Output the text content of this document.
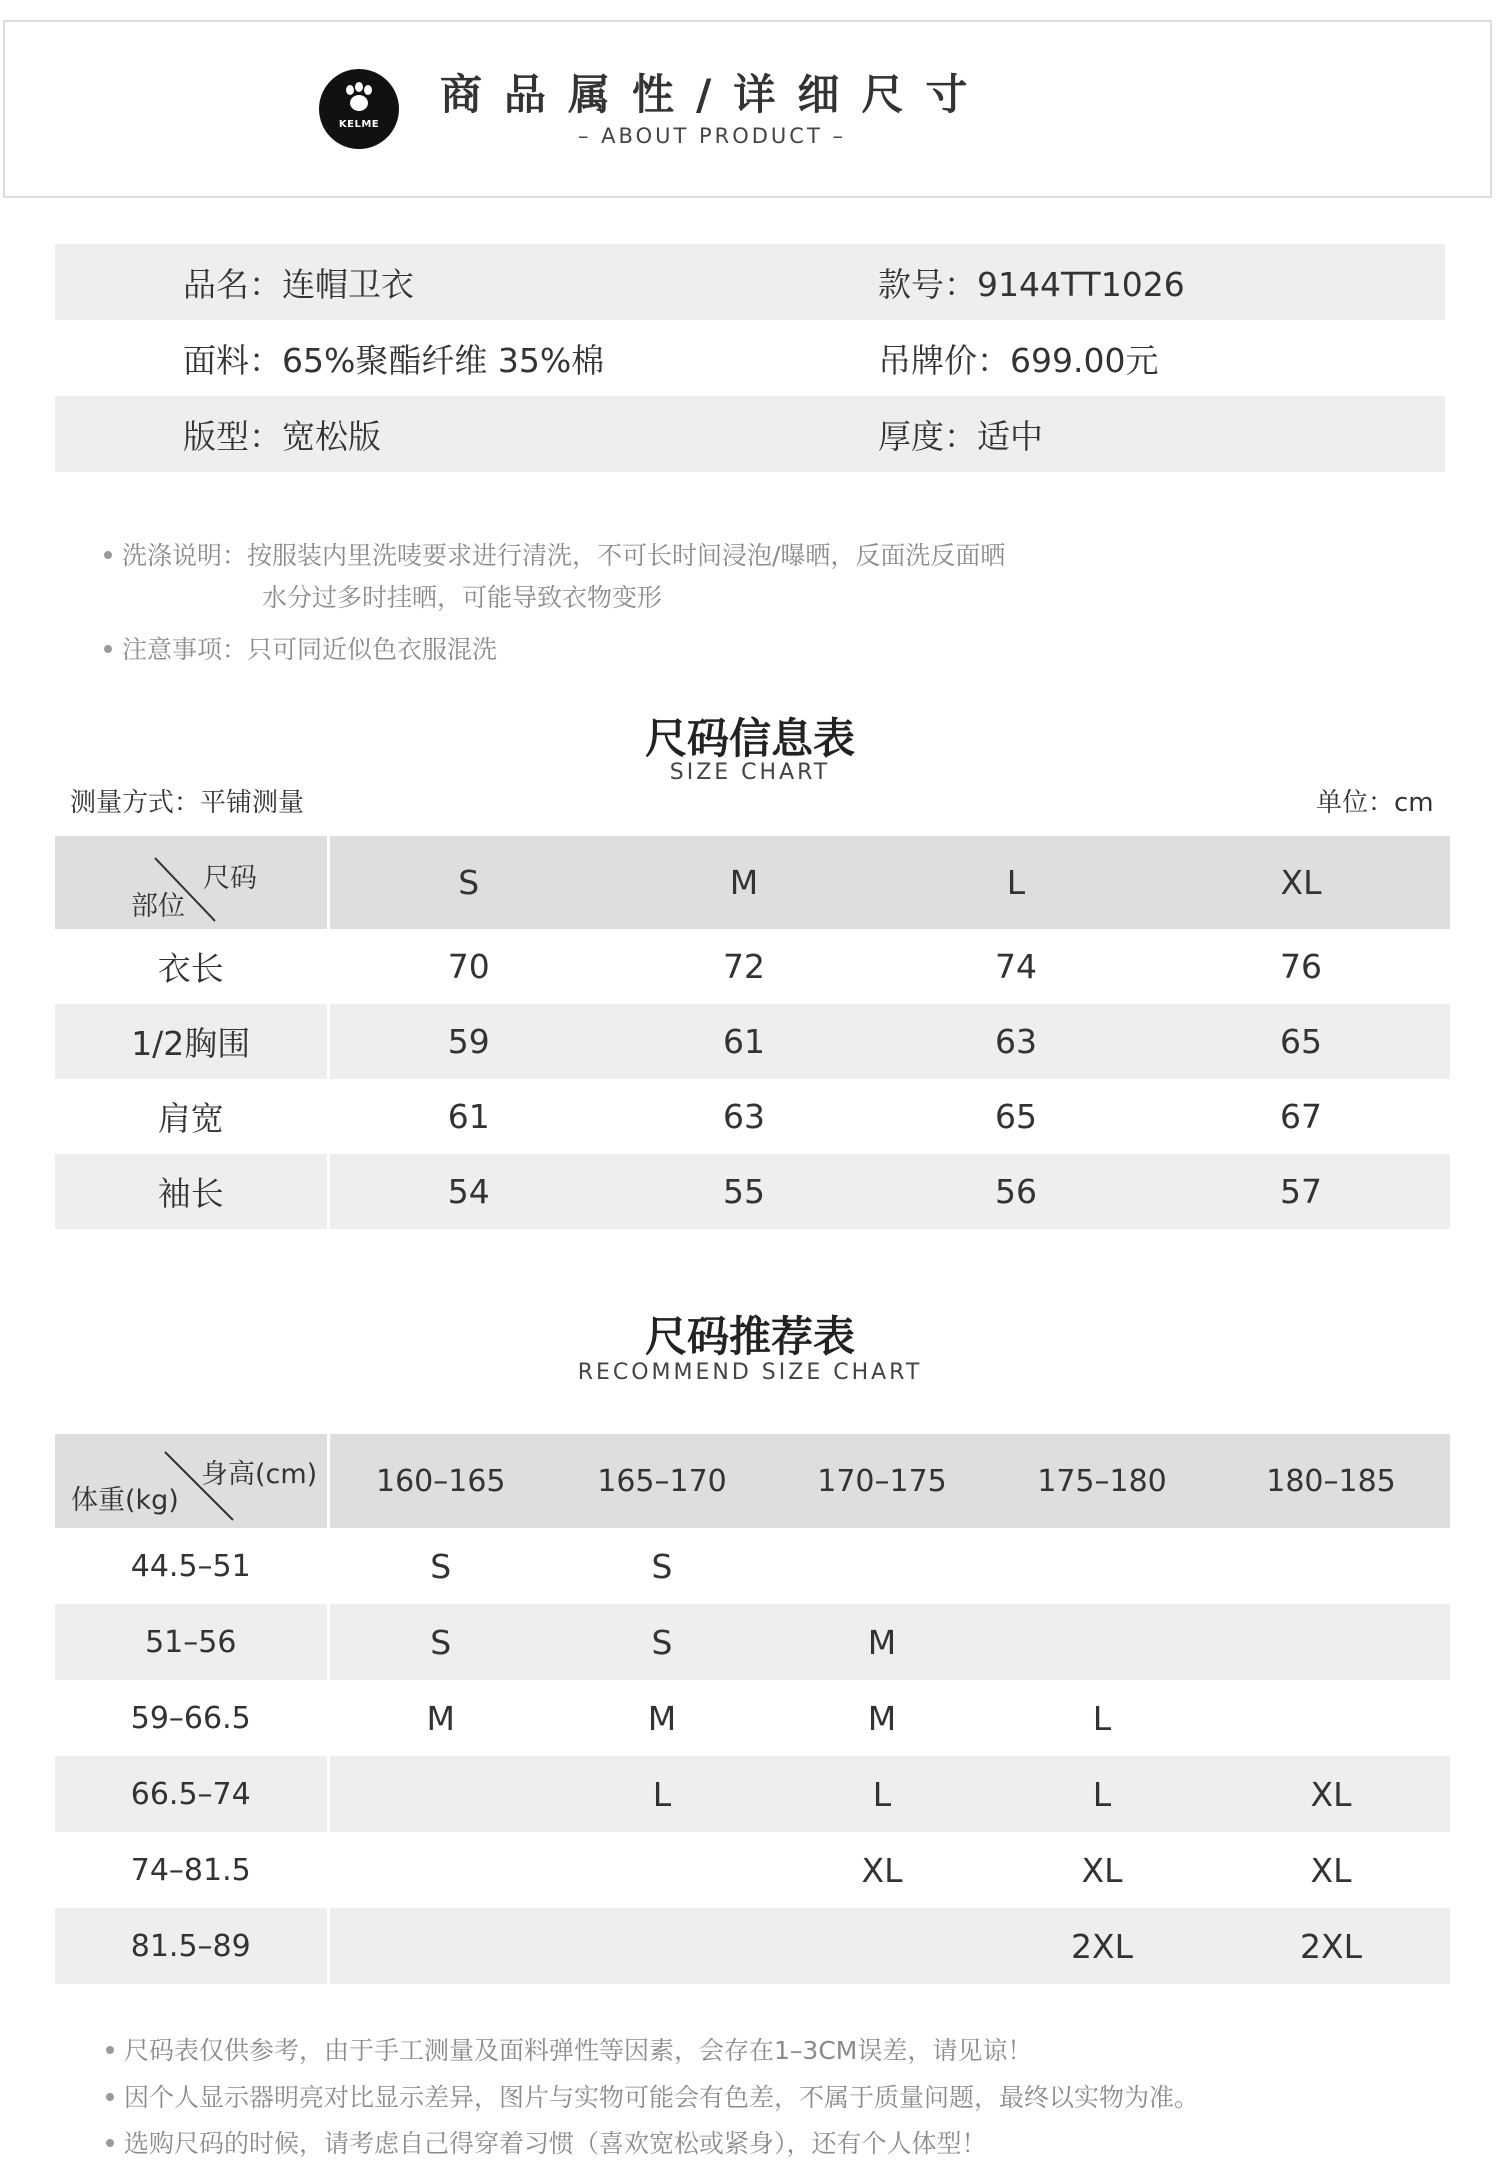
KELME
商品属性/详细尺寸
– ABOUT PRODUCT –
品名：连帽卫衣	款号：9144TT1026
面料：65%聚酯纤维 35%棉	吊牌价：699.00元
版型：宽松版	厚度：适中
洗涤说明：按服装内里洗唛要求进行清洗，不可长时间浸泡/曝晒，反面洗反面晒
水分过多时挂晒，可能导致衣物变形
注意事项：只可同近似色衣服混洗
尺码信息表
SIZE CHART
测量方式：平铺测量	单位：cm
尺码
部位	S	M	L	XL
衣长	70	72	74	76
1/2胸围	59	61	63	65
肩宽	61	63	65	67
袖长	54	55	56	57
尺码推荐表
RECOMMEND SIZE CHART
身高(cm)
体重(kg)	160–165	165–170	170–175	175–180	180–185
44.5–51	S	S			
51–56	S	S	M		
59–66.5	M	M	M	L	
66.5–74		L	L	L	XL
74–81.5			XL	XL	XL
81.5–89				2XL	2XL
尺码表仅供参考，由于手工测量及面料弹性等因素，会存在1–3CM误差，请见谅！
因个人显示器明亮对比显示差异，图片与实物可能会有色差，不属于质量问题，最终以实物为准。
选购尺码的时候，请考虑自己得穿着习惯（喜欢宽松或紧身），还有个人体型！
